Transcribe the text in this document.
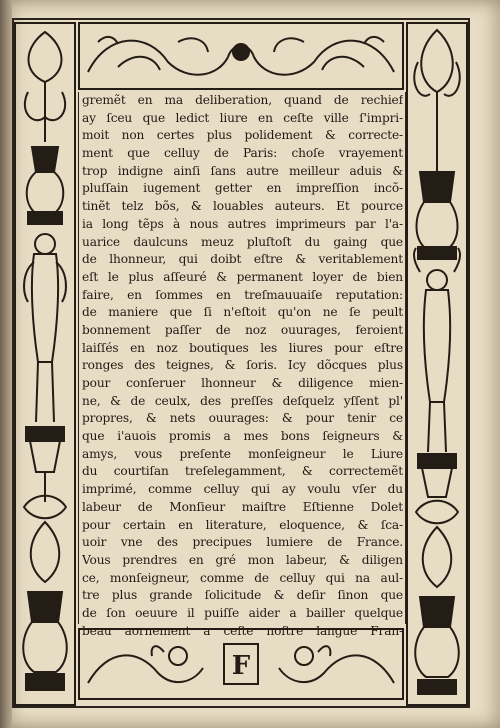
gremẽt en ma deliberation, quand de rechief
ay ſceu que ledict liure en ceſte ville ſ'impri-
moit non certes plus polidement & correcte-
ment que celluy de Paris: choſe vrayement
trop indigne ainſi ſans autre meilleur aduis &
pluſſain iugement getter en impreſſion incõ-
tinẽt telz bõs, & louables auteurs. Et pource
ia long tẽps à nous autres imprimeurs par l'a-
uarice daulcuns meuz pluſtoſt du gaing que
de lhonneur, qui doibt eſtre & veritablement
eſt le plus aſſeuré & permanent loyer de bien
faire, en ſommes en treſmauuaiſe reputation:
de maniere que ſi n'eſtoit qu'on ne ſe peult
bonnement paſſer de noz ouurages, feroient
laiſſés en noz boutiques les liures pour eſtre
ronges des teignes, & ſoris. Icy dõcques plus
pour conſeruer lhonneur & diligence mien-
ne, & de ceulx, des preſſes deſquelz yſſent pl'
propres, & nets ouurages: & pour tenir ce
que i'auois promis a mes bons ſeigneurs &
amys, vous preſente monſeigneur le Liure
du courtiſan treſelegamment, & correctemẽt
imprimé, comme celluy qui ay voulu vſer du
labeur de Monſieur maiſtre Eſtienne Dolet
pour certain en literature, eloquence, & ſca-
uoir vne des precipues lumiere de France.
Vous prendres en gré mon labeur, & diligen
ce, monſeigneur, comme de celluy qui na aul-
tre plus grande ſolicitude & deſir ſinon que
de ſon oeuure il puiſſe aider a bailler quelque
beau aornement a ceſte noſtre langue Fran-
F
